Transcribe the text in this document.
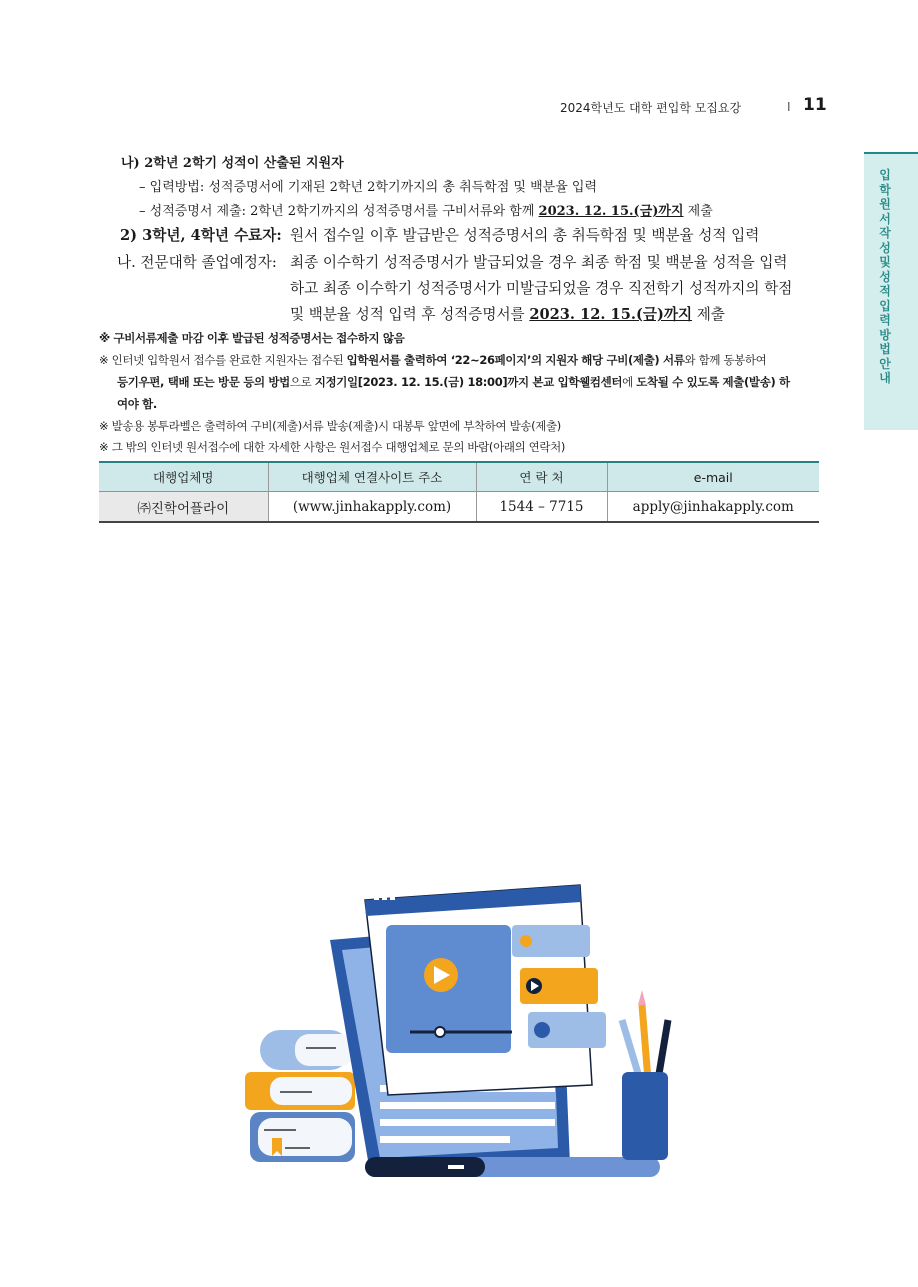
2024학년도 대학 편입학 모집요강	I 11
입학원서 작성 및 성적입력 방법 안내
나) 2학년 2학기 성적이 산출된 지원자
– 입력방법: 성적증명서에 기재된 2학년 2학기까지의 총 취득학점 및 백분율 입력
– 성적증명서 제출: 2학년 2학기까지의 성적증명서를 구비서류와 함께 2023. 12. 15.(금)까지 제출
2) 3학년, 4학년 수료자: 원서 접수일 이후 발급받은 성적증명서의 총 취득학점 및 백분율 성적 입력
나. 전문대학 졸업예정자: 최종 이수학기 성적증명서가 발급되었을 경우 최종 학점 및 백분율 성적을 입력
하고 최종 이수학기 성적증명서가 미발급되었을 경우 직전학기 성적까지의 학점
및 백분율 성적 입력 후 성적증명서를 2023. 12. 15.(금)까지 제출
※ 구비서류제출 마감 이후 발급된 성적증명서는 접수하지 않음
※ 인터넷 입학원서 접수를 완료한 지원자는 접수된 입학원서를 출력하여 ‘22~26페이지’의 지원자 해당 구비(제출) 서류와 함께 동봉하여
등기우편, 택배 또는 방문 등의 방법으로 지정기일[2023. 12. 15.(금) 18:00]까지 본교 입학웰컴센터에 도착될 수 있도록 제출(발송) 하
여야 함.
※ 발송용 봉투라벨은 출력하여 구비(제출)서류 발송(제출)시 대봉투 앞면에 부착하여 발송(제출)
※ 그 밖의 인터넷 원서접수에 대한 자세한 사항은 원서접수 대행업체로 문의 바람(아래의 연락처)
대행업체명	대행업체 연결사이트 주소	연 락 처	e-mail
㈜진학어플라이	(www.jinhakapply.com)	1544 – 7715	apply@jinhakapply.com
